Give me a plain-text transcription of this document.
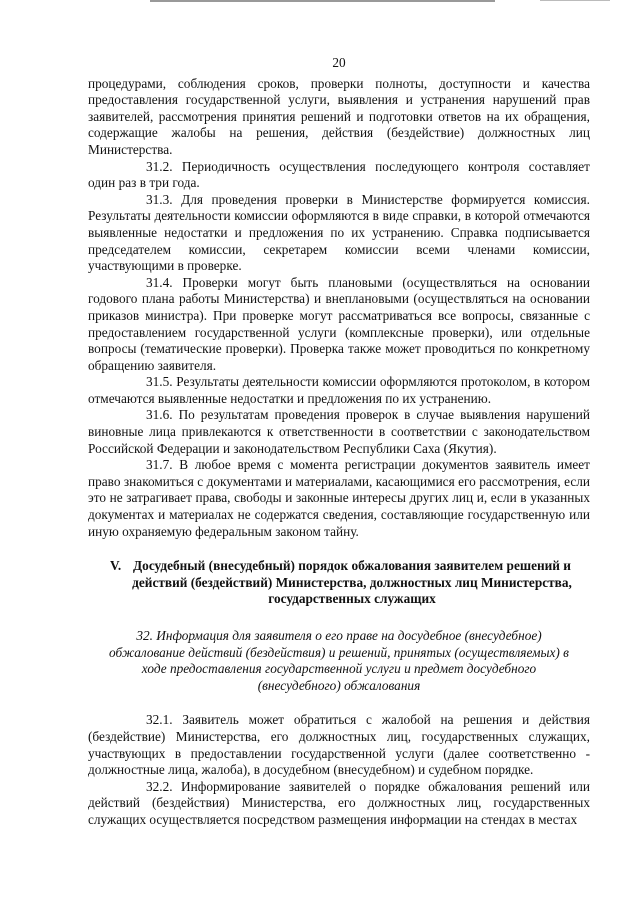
20

процедурами, соблюдения сроков, проверки полноты, доступности и качества предоставления государственной услуги, выявления и устранения нарушений прав заявителей, рассмотрения принятия решений и подготовки ответов на их обращения, содержащие жалобы на решения, действия (бездействие) должностных лиц Министерства.

31.2. Периодичность осуществления последующего контроля составляет один раз в три года.

31.3. Для проведения проверки в Министерстве формируется комиссия. Результаты деятельности комиссии оформляются в виде справки, в которой отмечаются выявленные недостатки и предложения по их устранению. Справка подписывается председателем комиссии, секретарем комиссии всеми членами комиссии, участвующими в проверке.

31.4. Проверки могут быть плановыми (осуществляться на основании годового плана работы Министерства) и внеплановыми (осуществляться на основании приказов министра). При проверке могут рассматриваться все вопросы, связанные с предоставлением государственной услуги (комплексные проверки), или отдельные вопросы (тематические проверки). Проверка также может проводиться по конкретному обращению заявителя.

31.5. Результаты деятельности комиссии оформляются протоколом, в котором отмечаются выявленные недостатки и предложения по их устранению.

31.6. По результатам проведения проверок в случае выявления нарушений виновные лица привлекаются к ответственности в соответствии с законодательством Российской Федерации и законодательством Республики Саха (Якутия).

31.7. В любое время с момента регистрации документов заявитель имеет право знакомиться с документами и материалами, касающимися его рассмотрения, если это не затрагивает права, свободы и законные интересы других лиц и, если в указанных документах и материалах не содержатся сведения, составляющие государственную или иную охраняемую федеральным законом тайну.

V. Досудебный (внесудебный) порядок обжалования заявителем решений и действий (бездействий) Министерства, должностных лиц Министерства, государственных служащих
32. Информация для заявителя о его праве на досудебное (внесудебное) обжалование действий (бездействия) и решений, принятых (осуществляемых) в ходе предоставления государственной услуги и предмет досудебного (внесудебного) обжалования

32.1. Заявитель может обратиться с жалобой на решения и действия (бездействие) Министерства, его должностных лиц, государственных служащих, участвующих в предоставлении государственной услуги (далее соответственно - должностные лица, жалоба), в досудебном (внесудебном) и судебном порядке.

32.2. Информирование заявителей о порядке обжалования решений или действий (бездействия) Министерства, его должностных лиц, государственных служащих осуществляется посредством размещения информации на стендах в местах
